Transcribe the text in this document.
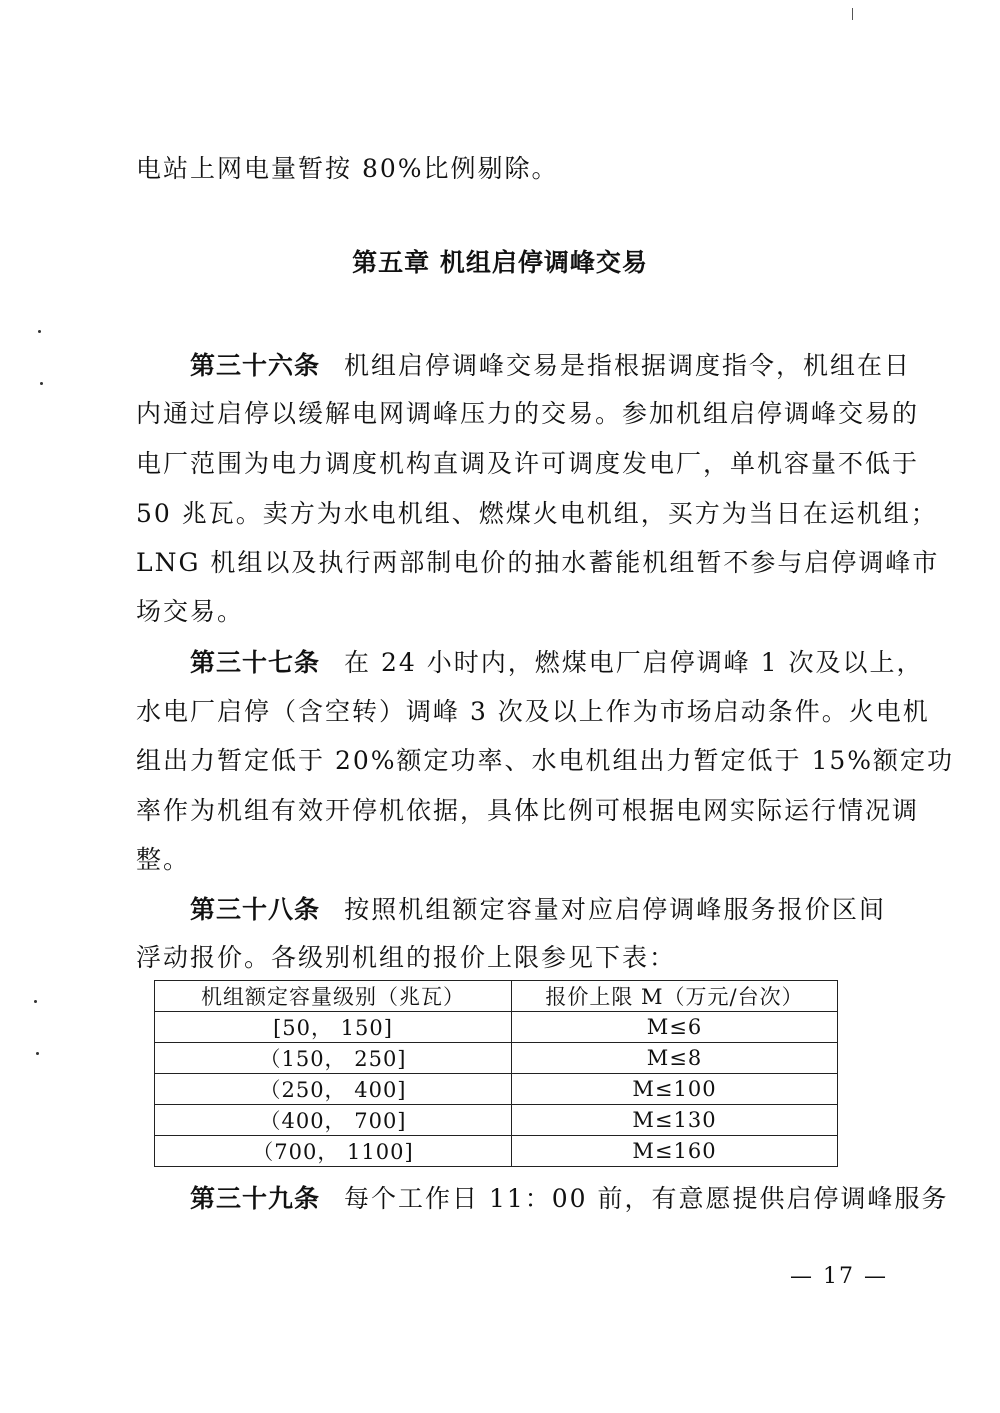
电站上网电量暂按 80%比例剔除。
第五章 机组启停调峰交易
第三十六条 机组启停调峰交易是指根据调度指令，机组在日
内通过启停以缓解电网调峰压力的交易。参加机组启停调峰交易的
电厂范围为电力调度机构直调及许可调度发电厂，单机容量不低于
50 兆瓦。卖方为水电机组、燃煤火电机组，买方为当日在运机组；
LNG 机组以及执行两部制电价的抽水蓄能机组暂不参与启停调峰市
场交易。
第三十七条 在 24 小时内，燃煤电厂启停调峰 1 次及以上，
水电厂启停（含空转）调峰 3 次及以上作为市场启动条件。火电机
组出力暂定低于 20%额定功率、水电机组出力暂定低于 15%额定功
率作为机组有效开停机依据，具体比例可根据电网实际运行情况调
整。
第三十八条 按照机组额定容量对应启停调峰服务报价区间
浮动报价。各级别机组的报价上限参见下表：
机组额定容量级别（兆瓦）	报价上限 M（万元/台次）
[50， 150]	M≤6
（150， 250]	M≤8
（250， 400]	M≤100
（400， 700]	M≤130
（700， 1100]	M≤160
第三十九条 每个工作日 11：00 前，有意愿提供启停调峰服务
— 17 —
